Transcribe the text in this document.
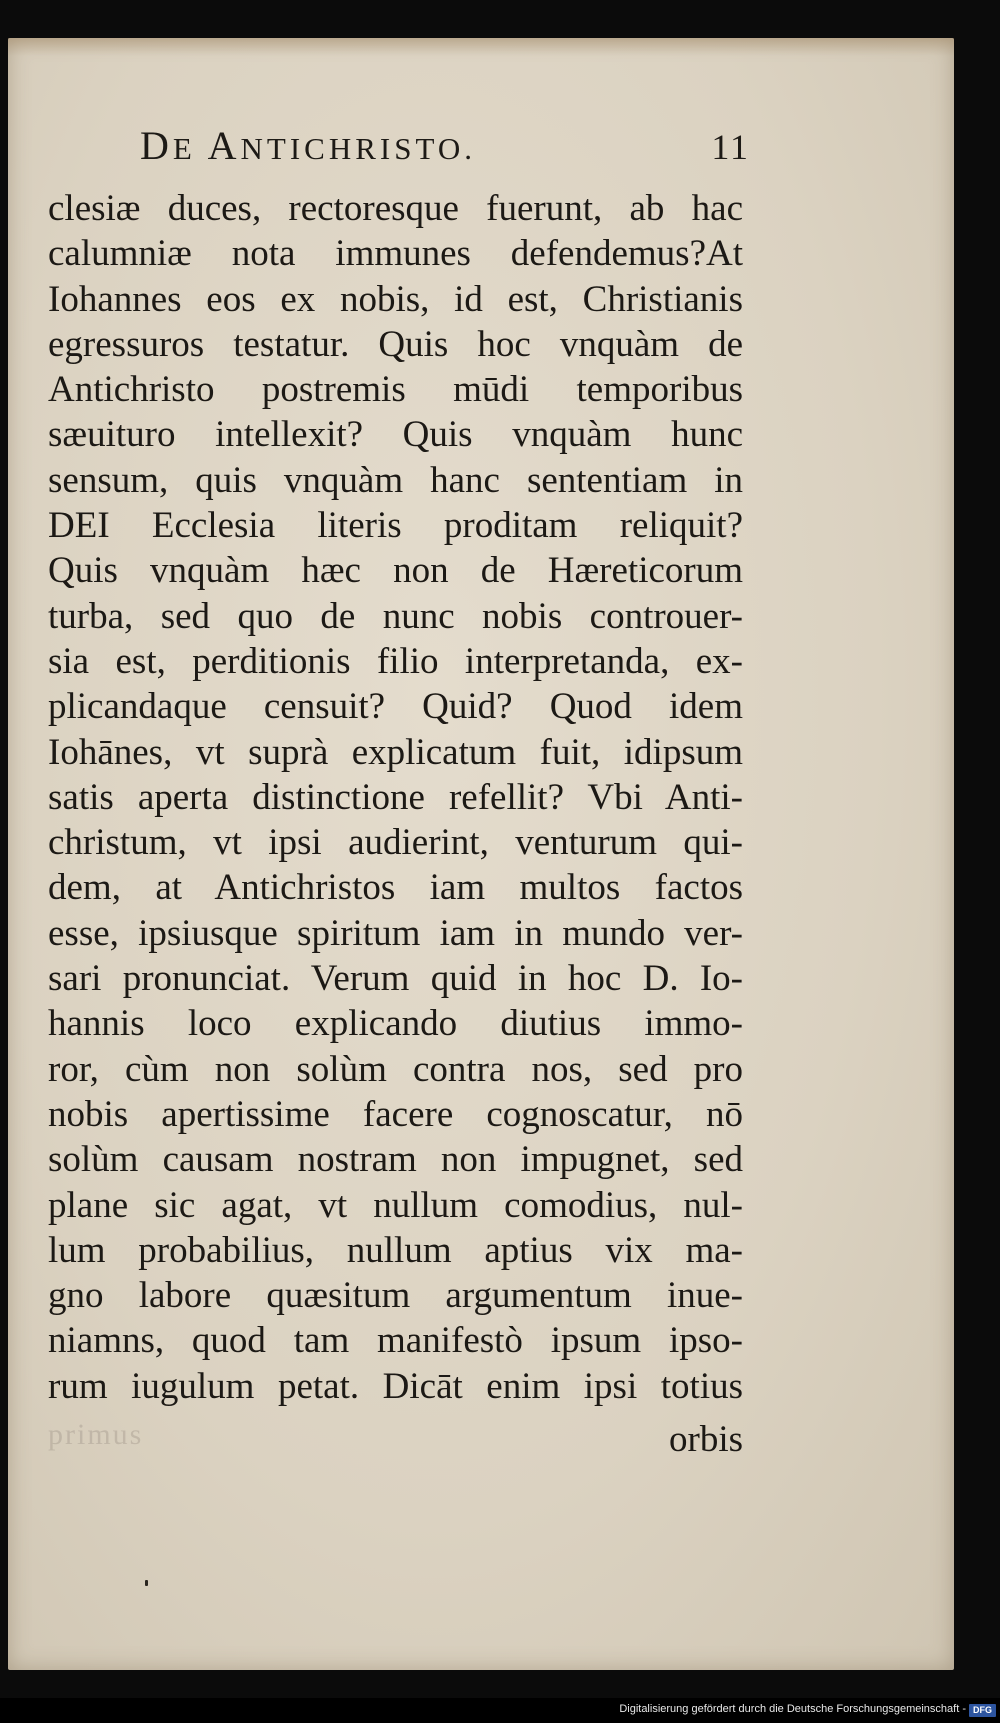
DE ANTICHRISTO.	11
clesiæ duces, rectoresque fuerunt, ab hac
calumniæ nota immunes defendemus?At
Iohannes eos ex nobis, id est, Christianis
egressuros testatur. Quis hoc vnquàm de
Antichristo postremis mūdi temporibus
sæuituro intellexit? Quis vnquàm hunc
sensum, quis vnquàm hanc sententiam in
DEI Ecclesia literis proditam reliquit?
Quis vnquàm hæc non de Hæreticorum
turba, sed quo de nunc nobis controuer-
sia est, perditionis filio interpretanda, ex-
plicandaque censuit? Quid? Quod idem
Iohānes, vt suprà explicatum fuit, idipsum
satis aperta distinctione refellit? Vbi Anti-
christum, vt ipsi audierint, venturum qui-
dem, at Antichristos iam multos factos
esse, ipsiusque spiritum iam in mundo ver-
sari pronunciat. Verum quid in hoc D. Io-
hannis loco explicando diutius immo-
ror, cùm non solùm contra nos, sed pro
nobis apertissime facere cognoscatur, nō
solùm causam nostram non impugnet, sed
plane sic agat, vt nullum comodius, nul-
lum probabilius, nullum aptius vix ma-
gno labore quæsitum argumentum inue-
niamns, quod tam manifestò ipsum ipso-
rum iugulum petat. Dicāt enim ipsi totius
primus	orbis
Digitalisierung gefördert durch die Deutsche Forschungsgemeinschaft - DFG
